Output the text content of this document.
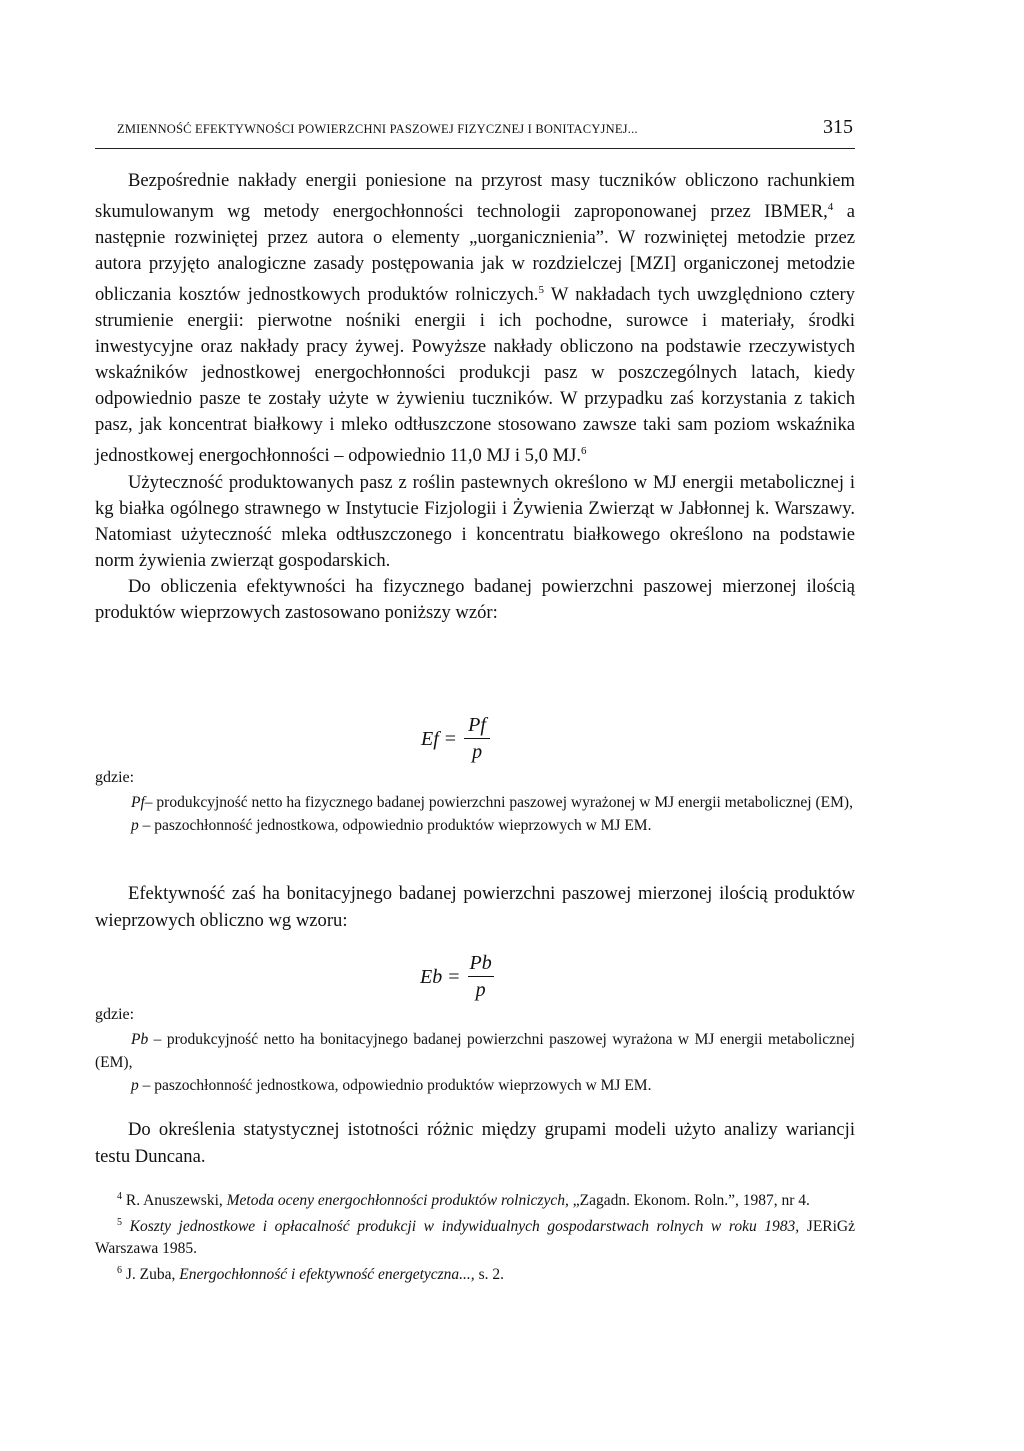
ZMIENNOŚĆ EFEKTYWNOŚCI POWIERZCHNI PASZOWEJ FIZYCZNEJ I BONITACYJNEJ...	315

Bezpośrednie nakłady energii poniesione na przyrost masy tuczników obliczono rachunkiem skumulowanym wg metody energochłonności technologii zaproponowanej przez IBMER,$^4$ a następnie rozwiniętej przez autora o elementy „uorganicznienia”. W rozwiniętej metodzie przez autora przyjęto analogiczne zasady postępowania jak w rozdzielczej [MZI] organiczonej metodzie obliczania kosztów jednostkowych produktów rolniczych.$^5$ W nakładach tych uwzględniono cztery strumienie energii: pierwotne nośniki energii i ich pochodne, surowce i materiały, środki inwestycyjne oraz nakłady pracy żywej. Powyższe nakłady obliczono na podstawie rzeczywistych wskaźników jednostkowej energochłonności produkcji pasz w poszczególnych latach, kiedy odpowiednio pasze te zostały użyte w żywieniu tuczników. W przypadku zaś korzystania z takich pasz, jak koncentrat białkowy i mleko odtłuszczone stosowano zawsze taki sam poziom wskaźnika jednostkowej energochłonności – odpowiednio 11,0 MJ i 5,0 MJ.$^6$

Użyteczność produktowanych pasz z roślin pastewnych określono w MJ energii metabolicznej i kg białka ogólnego strawnego w Instytucie Fizjologii i Żywienia Zwierząt w Jabłonnej k. Warszawy. Natomiast użyteczność mleka odtłuszczonego i koncentratu białkowego określono na podstawie norm żywienia zwierząt gospodarskich.

Do obliczenia efektywności ha fizycznego badanej powierzchni paszowej mierzonej ilością produktów wieprzowych zastosowano poniższy wzór:

$Ef = \frac{Pf}{p}$
gdzie:

Pf– produkcyjność netto ha fizycznego badanej powierzchni paszowej wyrażonej w MJ energii metabolicznej (EM),

p – paszochłonność jednostkowa, odpowiednio produktów wieprzowych w MJ EM.

Efektywność zaś ha bonitacyjnego badanej powierzchni paszowej mierzonej ilością produktów wieprzowych obliczno wg wzoru:

$Eb = \frac{Pb}{p}$
gdzie:

Pb – produkcyjność netto ha bonitacyjnego badanej powierzchni paszowej wyrażona w MJ energii metabolicznej (EM),

p – paszochłonność jednostkowa, odpowiednio produktów wieprzowych w MJ EM.

Do określenia statystycznej istotności różnic między grupami modeli użyto analizy wariancji testu Duncana.

$^4$ R. Anuszewski, Metoda oceny energochłonności produktów rolniczych, „Zagadn. Ekonom. Roln.”, 1987, nr 4.

$^5$ Koszty jednostkowe i opłacalność produkcji w indywidualnych gospodarstwach rolnych w roku 1983, JERiGż Warszawa 1985.

$^6$ J. Zuba, Energochłonność i efektywność energetyczna..., s. 2.
